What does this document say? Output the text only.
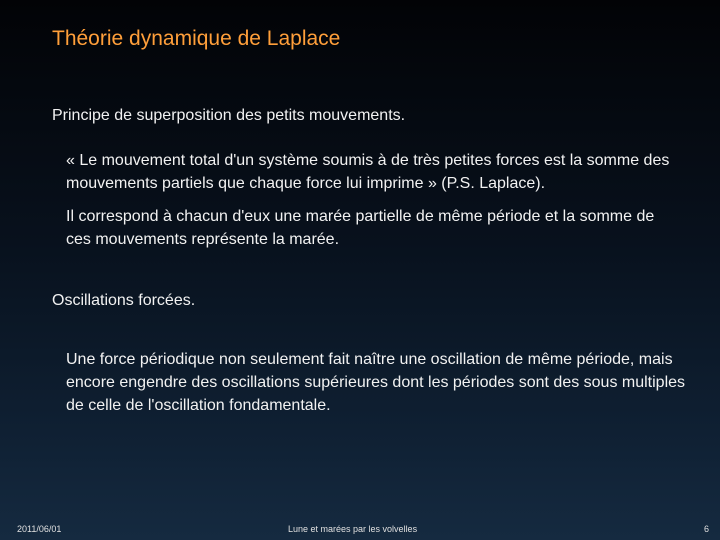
Théorie dynamique de Laplace
Principe de superposition des petits mouvements.
« Le mouvement total d'un système soumis à de très petites forces est la somme des mouvements partiels que chaque force lui imprime » (P.S. Laplace).
Il correspond à chacun d'eux une marée partielle de même période et la somme de ces mouvements représente la marée.
Oscillations forcées.
Une force périodique non seulement fait naître une oscillation de même période, mais encore engendre des oscillations supérieures dont les périodes sont des sous multiples de celle de l'oscillation fondamentale.
2011/06/01	Lune et marées par les volvelles	6
